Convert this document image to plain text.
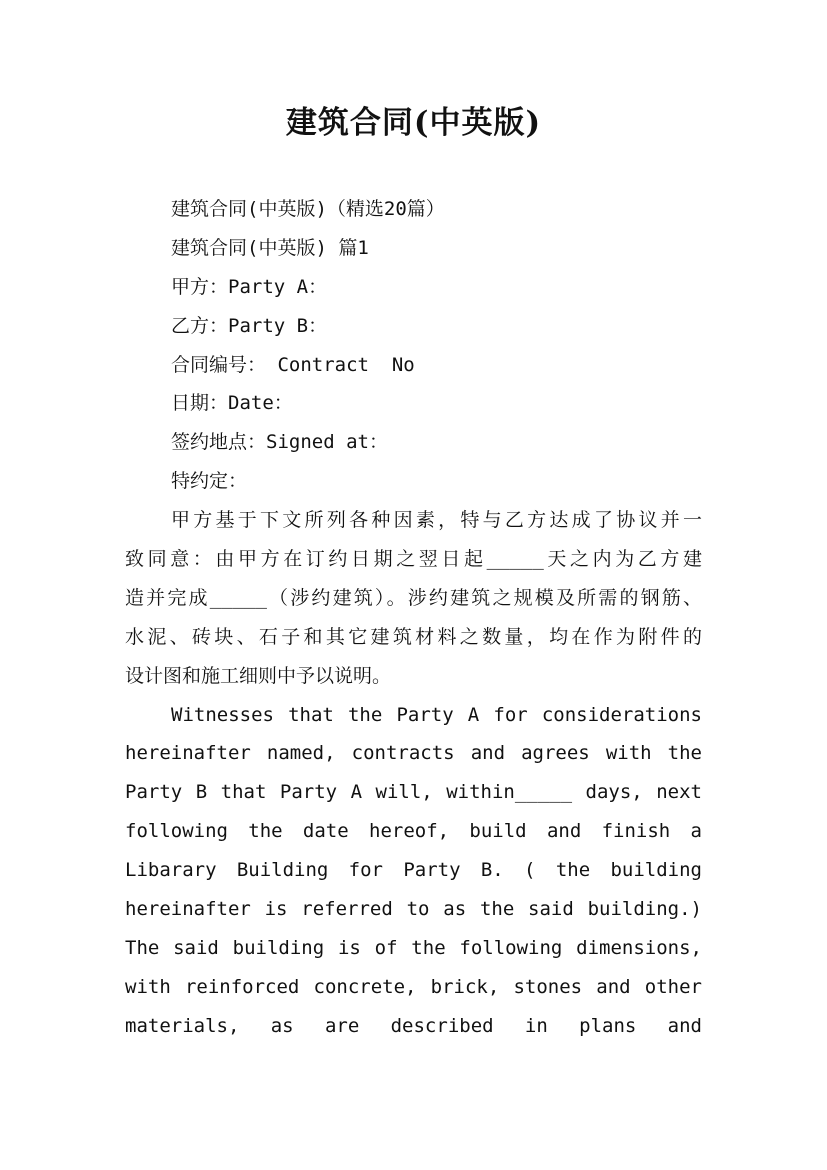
建筑合同(中英版)
建筑合同(中英版)（精选20篇）
建筑合同(中英版) 篇1
甲方：Party A：
乙方：Party B：
合同编号： Contract  No
日期：Date：
签约地点：Signed at：
特约定：
甲方基于下文所列各种因素，特与乙方达成了协议并一
致同意：由甲方在订约日期之翌日起_____天之内为乙方建
造并完成_____（涉约建筑）。涉约建筑之规模及所需的钢筋、
水泥、砖块、石子和其它建筑材料之数量，均在作为附件的
设计图和施工细则中予以说明。
Witnesses that the Party A for considerations
hereinafter named, contracts and agrees with the
Party B that Party A will, within_____ days, next
following the date hereof, build and finish a
Libarary Building for Party B. ( the building
hereinafter is referred to as the said building.)
The said building is of the following dimensions,
with reinforced concrete, brick, stones and other
materials, as are described in plans and
